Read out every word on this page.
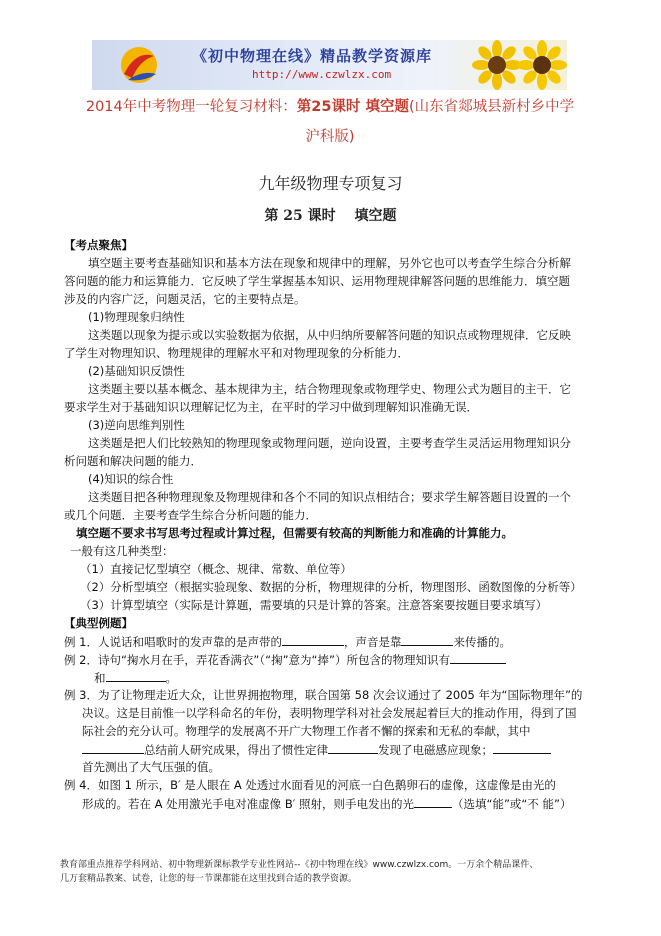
《初中物理在线》精品教学资源库
http://www.czwlzx.com
2014年中考物理一轮复习材料：第25课时 填空题(山东省郯城县新村乡中学
沪科版)
九年级物理专项复习
第 25 课时　 填空题
【考点聚焦】
填空题主要考查基础知识和基本方法在现象和规律中的理解，另外它也可以考查学生综合分析解
答问题的能力和运算能力．它反映了学生掌握基本知识、运用物理规律解答问题的思维能力．填空题
涉及的内容广泛，问题灵活，它的主要特点是。
(1)物理现象归纳性
这类题以现象为提示或以实验数据为依据，从中归纳所要解答问题的知识点或物理规律．它反映
了学生对物理知识、物理规律的理解水平和对物理现象的分析能力．
(2)基础知识反馈性
这类题主要以基本概念、基本规律为主，结合物理现象或物理学史、物理公式为题目的主干．它
要求学生对于基础知识以理解记忆为主，在平时的学习中做到理解知识准确无误．
(3)逆向思维判别性
这类题是把人们比较熟知的物理现象或物理问题，逆向设置，主要考查学生灵活运用物理知识分
析问题和解决问题的能力．
(4)知识的综合性
这类题目把各种物理现象及物理规律和各个不同的知识点相结合；要求学生解答题目设置的一个
或几个问题．主要考查学生综合分析问题的能力．
填空题不要求书写思考过程或计算过程，但需要有较高的判断能力和准确的计算能力。
一般有这几种类型：
（1）直接记忆型填空（概念、规律、常数、单位等）
（2）分析型填空（根据实验现象、数据的分析，物理规律的分析，物理图形、函数图像的分析等）
（3）计算型填空（实际是计算题，需要填的只是计算的答案。注意答案要按题目要求填写）
【典型例题】
例 1．人说话和唱歌时的发声靠的是声带的	，声音是靠	来传播的。
例 2．诗句“掬水月在手，弄花香满衣”（“掬”意为“捧”）所包含的物理知识有
和	。
例 3．为了让物理走近大众，让世界拥抱物理，联合国第 58 次会议通过了 2005 年为“国际物理年”的
决议。这是目前惟一以学科命名的年份，表明物理学科对社会发展起着巨大的推动作用，得到了国
际社会的充分认可。物理学的发展离不开广大物理工作者不懈的探索和无私的奉献，其中
总结前人研究成果，得出了惯性定律	发现了电磁感应现象；
首先测出了大气压强的值。
例 4．如图 1 所示，B′ 是人眼在 A 处透过水面看见的河底一白色鹅卵石的虚像，这虚像是由光的
形成的。若在 A 处用激光手电对准虚像 B′ 照射，则手电发出的光	（选填“能”或“不 能”）
教育部重点推荐学科网站、初中物理新课标教学专业性网站--《初中物理在线》www.czwlzx.com。一万余个精品课件、
几万套精品教案、试卷，让您的每一节课都能在这里找到合适的教学资源。
